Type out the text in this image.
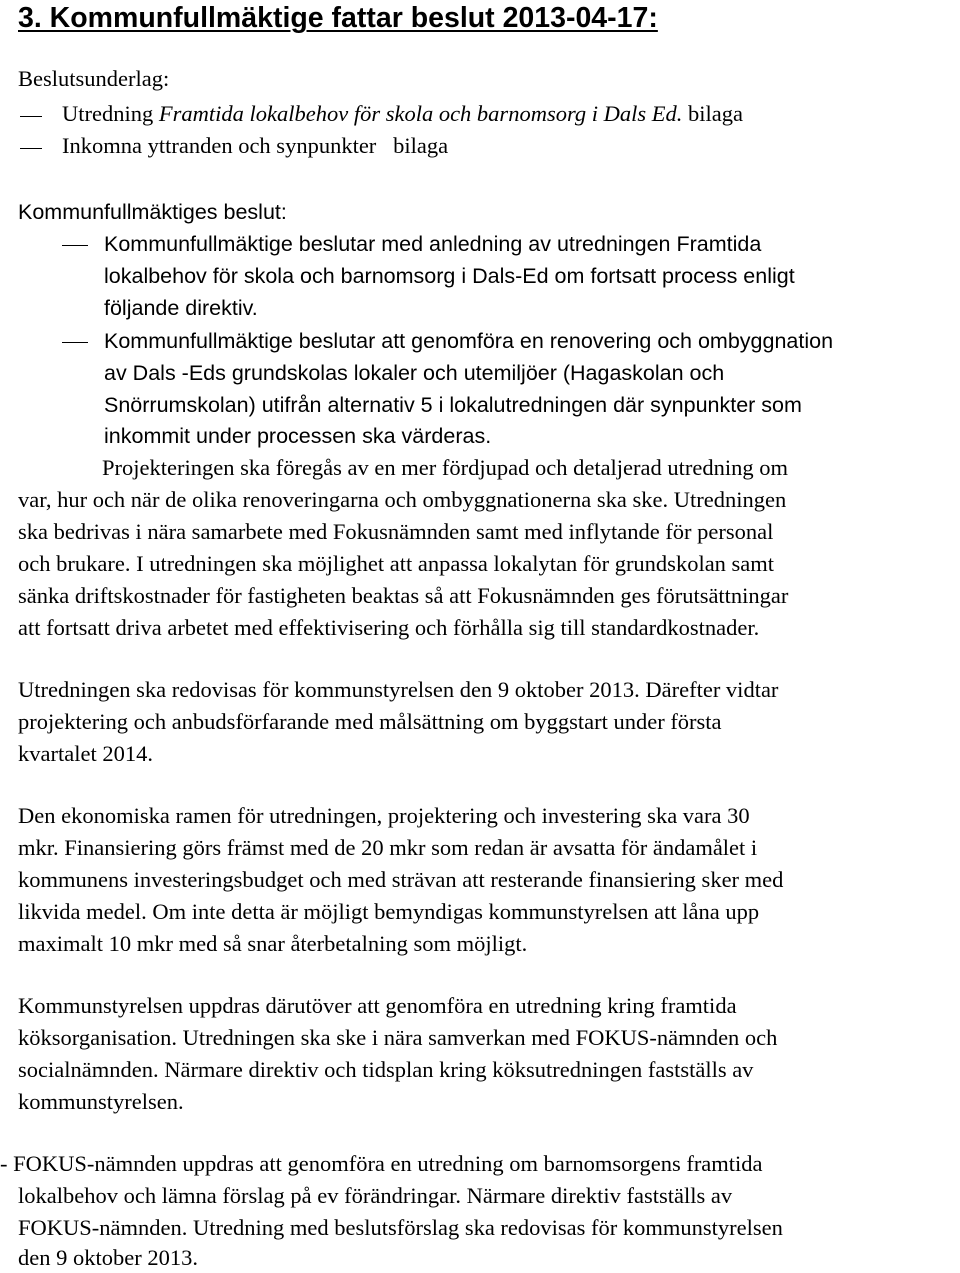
3. Kommunfullmäktige fattar beslut 2013-04-17:
Beslutsunderlag:
Utredning Framtida lokalbehov för skola och barnomsorg i Dals Ed. bilaga
Inkomna yttranden och synpunkter   bilaga
Kommunfullmäktiges beslut:
Kommunfullmäktige beslutar med anledning av utredningen Framtida
lokalbehov för skola och barnomsorg i Dals-Ed om fortsatt process enligt
följande direktiv.
Kommunfullmäktige beslutar att genomföra en renovering och ombyggnation
av Dals -Eds grundskolas lokaler och utemiljöer (Hagaskolan och
Snörrumskolan) utifrån alternativ 5 i lokalutredningen där synpunkter som
inkommit under processen ska värderas.
Projekteringen ska föregås av en mer fördjupad och detaljerad utredning om
var, hur och när de olika renoveringarna och ombyggnationerna ska ske. Utredningen
ska bedrivas i nära samarbete med Fokusnämnden samt med inflytande för personal
och brukare. I utredningen ska möjlighet att anpassa lokalytan för grundskolan samt
sänka driftskostnader för fastigheten beaktas så att Fokusnämnden ges förutsättningar
att fortsatt driva arbetet med effektivisering och förhålla sig till standardkostnader.
Utredningen ska redovisas för kommunstyrelsen den 9 oktober 2013. Därefter vidtar
projektering och anbudsförfarande med målsättning om byggstart under första
kvartalet 2014.
Den ekonomiska ramen för utredningen, projektering och investering ska vara 30
mkr. Finansiering görs främst med de 20 mkr som redan är avsatta för ändamålet i
kommunens investeringsbudget och med strävan att resterande finansiering sker med
likvida medel. Om inte detta är möjligt bemyndigas kommunstyrelsen att låna upp
maximalt 10 mkr med så snar återbetalning som möjligt.
Kommunstyrelsen uppdras därutöver att genomföra en utredning kring framtida
köksorganisation. Utredningen ska ske i nära samverkan med FOKUS-nämnden och
socialnämnden. Närmare direktiv och tidsplan kring köksutredningen fastställs av
kommunstyrelsen.
- FOKUS-nämnden uppdras att genomföra en utredning om barnomsorgens framtida
lokalbehov och lämna förslag på ev förändringar. Närmare direktiv fastställs av
FOKUS-nämnden. Utredning med beslutsförslag ska redovisas för kommunstyrelsen
den 9 oktober 2013.
